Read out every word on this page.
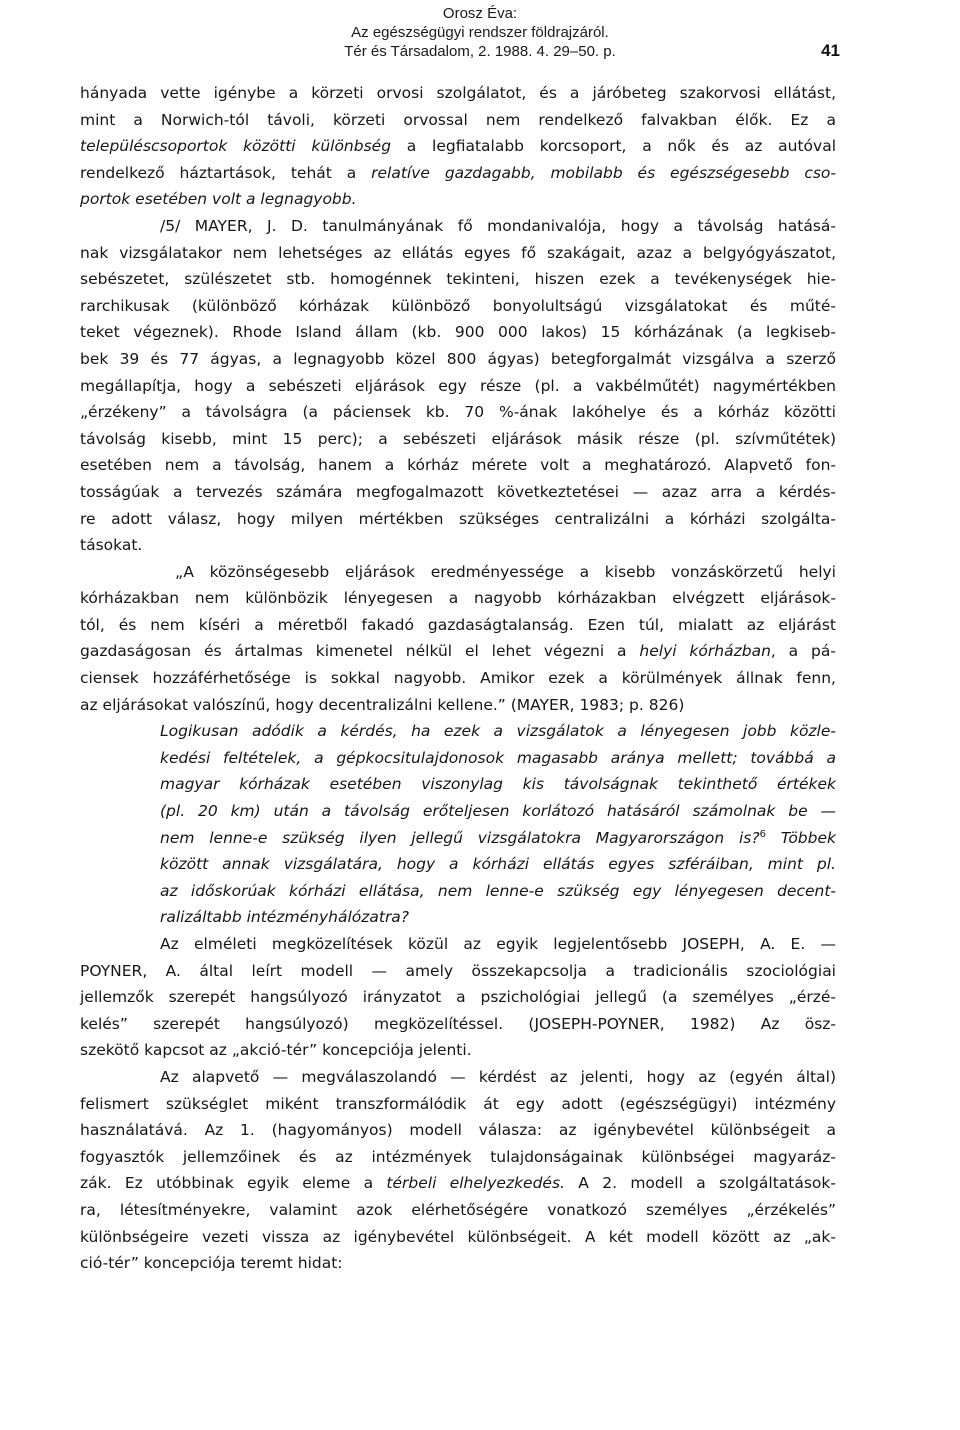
Orosz Éva:
Az egészségügyi rendszer földrajzáról.
Tér és Társadalom, 2. 1988. 4. 29–50. p.	41
hányada vette igénybe a körzeti orvosi szolgálatot, és a járóbeteg szakorvosi ellátást,
mint a Norwich-tól távoli, körzeti orvossal nem rendelkező falvakban élők. Ez a
településcsoportok közötti különbség a legfiatalabb korcsoport, a nők és az autóval
rendelkező háztartások, tehát a relatíve gazdagabb, mobilabb és egészségesebb cso-
portok esetében volt a legnagyobb.
/5/ MAYER, J. D. tanulmányának fő mondanivalója, hogy a távolság hatásá-
nak vizsgálatakor nem lehetséges az ellátás egyes fő szakágait, azaz a belgyógyászatot,
sebészetet, szülészetet stb. homogénnek tekinteni, hiszen ezek a tevékenységek hie-
rarchikusak (különböző kórházak különböző bonyolultságú vizsgálatokat és műté-
teket végeznek). Rhode Island állam (kb. 900 000 lakos) 15 kórházának (a legkiseb-
bek 39 és 77 ágyas, a legnagyobb közel 800 ágyas) betegforgalmát vizsgálva a szerző
megállapítja, hogy a sebészeti eljárások egy része (pl. a vakbélműtét) nagymértékben
„érzékeny” a távolságra (a páciensek kb. 70 %-ának lakóhelye és a kórház közötti
távolság kisebb, mint 15 perc); a sebészeti eljárások másik része (pl. szívműtétek)
esetében nem a távolság, hanem a kórház mérete volt a meghatározó. Alapvető fon-
tosságúak a tervezés számára megfogalmazott következtetései — azaz arra a kérdés-
re adott válasz, hogy milyen mértékben szükséges centralizálni a kórházi szolgálta-
tásokat.
„A közönségesebb eljárások eredményessége a kisebb vonzáskörzetű helyi
kórházakban nem különbözik lényegesen a nagyobb kórházakban elvégzett eljárások-
tól, és nem kíséri a méretből fakadó gazdaságtalanság. Ezen túl, mialatt az eljárást
gazdaságosan és ártalmas kimenetel nélkül el lehet végezni a helyi kórházban, a pá-
ciensek hozzáférhetősége is sokkal nagyobb. Amikor ezek a körülmények állnak fenn,
az eljárásokat valószínű, hogy decentralizálni kellene.” (MAYER, 1983; p. 826)
Logikusan adódik a kérdés, ha ezek a vizsgálatok a lényegesen jobb közle-
kedési feltételek, a gépkocsitulajdonosok magasabb aránya mellett; továbbá a
magyar kórházak esetében viszonylag kis távolságnak tekinthető értékek
(pl. 20 km) után a távolság erőteljesen korlátozó hatásáról számolnak be —
nem lenne-e szükség ilyen jellegű vizsgálatokra Magyarországon is?$^6$ Többek
között annak vizsgálatára, hogy a kórházi ellátás egyes szféráiban, mint pl.
az időskorúak kórházi ellátása, nem lenne-e szükség egy lényegesen decent-
ralizáltabb intézményhálózatra?
Az elméleti megközelítések közül az egyik legjelentősebb JOSEPH, A. E. —
POYNER, A. által leírt modell — amely összekapcsolja a tradicionális szociológiai
jellemzők szerepét hangsúlyozó irányzatot a pszichológiai jellegű (a személyes „érzé-
kelés” szerepét hangsúlyozó) megközelítéssel. (JOSEPH-POYNER, 1982) Az ösz-
szekötő kapcsot az „akció-tér” koncepciója jelenti.
Az alapvető — megválaszolandó — kérdést az jelenti, hogy az (egyén által)
felismert szükséglet miként transzformálódik át egy adott (egészségügyi) intézmény
használatává. Az 1. (hagyományos) modell válasza: az igénybevétel különbségeit a
fogyasztók jellemzőinek és az intézmények tulajdonságainak különbségei magyaráz-
zák. Ez utóbbinak egyik eleme a térbeli elhelyezkedés. A 2. modell a szolgáltatások-
ra, létesítményekre, valamint azok elérhetőségére vonatkozó személyes „érzékelés”
különbségeire vezeti vissza az igénybevétel különbségeit. A két modell között az „ak-
ció-tér” koncepciója teremt hidat:
